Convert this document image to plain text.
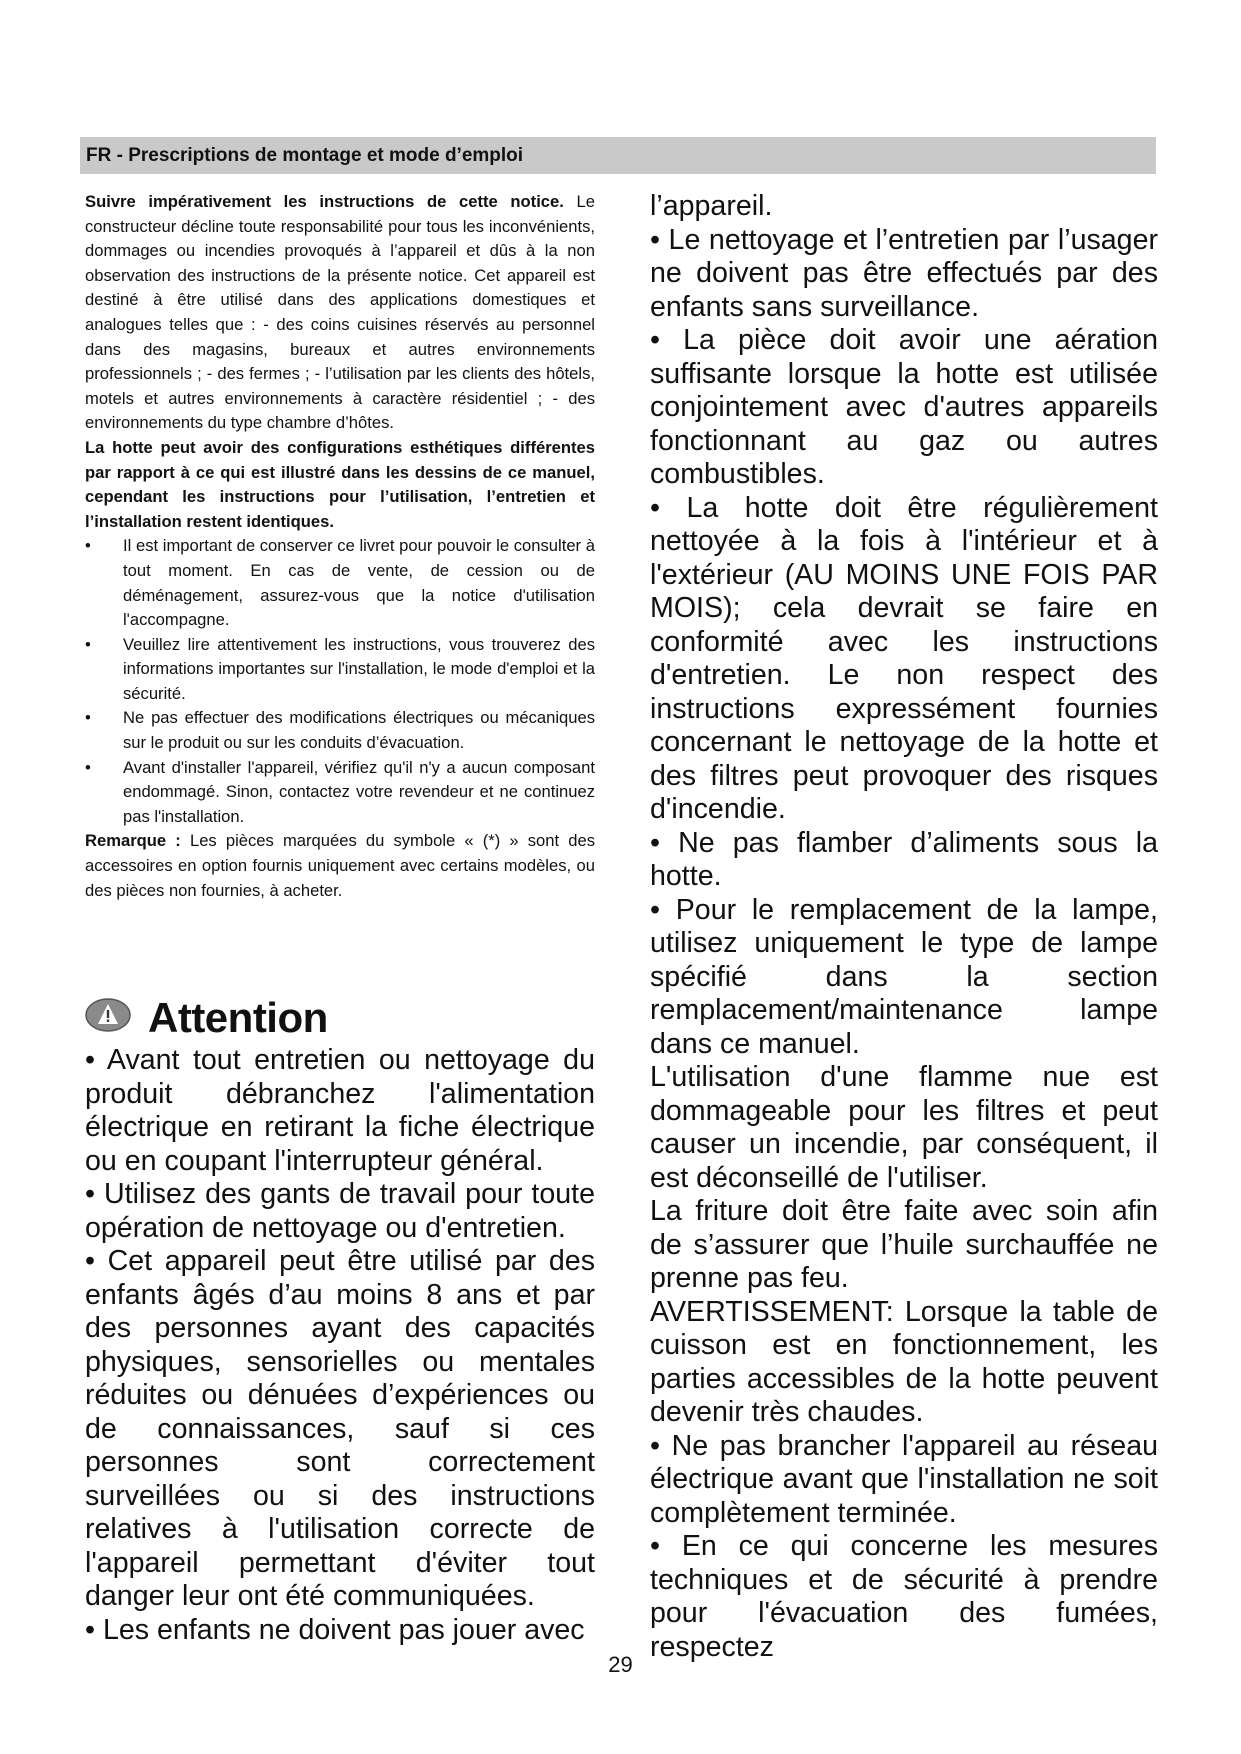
FR - Prescriptions de montage et mode d’emploi

Suivre impérativement les instructions de cette notice. Le constructeur décline toute responsabilité pour tous les inconvénients, dommages ou incendies provoqués à l’appareil et dûs à la non observation des instructions de la présente notice. Cet appareil est destiné à être utilisé dans des applications domestiques et analogues telles que : - des coins cuisines réservés au personnel dans des magasins, bureaux et autres environnements professionnels ; - des fermes ; - l’utilisation par les clients des hôtels, motels et autres environnements à caractère résidentiel ; - des environnements du type chambre d’hôtes.

La hotte peut avoir des configurations esthétiques différentes par rapport à ce qui est illustré dans les dessins de ce manuel, cependant les instructions pour l’utilisation, l’entretien et l’installation restent identiques.

• Il est important de conserver ce livret pour pouvoir le consulter à tout moment. En cas de vente, de cession ou de déménagement, assurez-vous que la notice d'utilisation l'accompagne.
• Veuillez lire attentivement les instructions, vous trouverez des informations importantes sur l'installation, le mode d'emploi et la sécurité.
• Ne pas effectuer des modifications électriques ou mécaniques sur le produit ou sur les conduits d’évacuation.
• Avant d'installer l'appareil, vérifiez qu'il n'y a aucun composant endommagé. Sinon, contactez votre revendeur et ne continuez pas l'installation.

Remarque : Les pièces marquées du symbole « (*) » sont des accessoires en option fournis uniquement avec certains modèles, ou des pièces non fournies, à acheter.

Attention

• Avant tout entretien ou nettoyage du produit débranchez l'alimentation électrique en retirant la fiche électrique ou en coupant l'interrupteur général.

• Utilisez des gants de travail pour toute opération de nettoyage ou d'entretien.

• Cet appareil peut être utilisé par des enfants âgés d’au moins 8 ans et par des personnes ayant des capacités physiques, sensorielles ou mentales réduites ou dénuées d’expériences ou de connaissances, sauf si ces personnes sont correctement surveillées ou si des instructions relatives à l'utilisation correcte de l'appareil permettant d'éviter tout danger leur ont été communiquées.

• Les enfants ne doivent pas jouer avec

l’appareil.

• Le nettoyage et l’entretien par l’usager ne doivent pas être effectués par des enfants sans surveillance.

• La pièce doit avoir une aération suffisante lorsque la hotte est utilisée conjointement avec d'autres appareils fonctionnant au gaz ou autres combustibles.

• La hotte doit être régulièrement nettoyée à la fois à l'intérieur et à l'extérieur (AU MOINS UNE FOIS PAR MOIS); cela devrait se faire en conformité avec les instructions d'entretien. Le non respect des instructions expressément fournies concernant le nettoyage de la hotte et des filtres peut provoquer des risques d'incendie.

• Ne pas flamber d’aliments sous la hotte.

• Pour le remplacement de la lampe, utilisez uniquement le type de lampe spécifié dans la section remplacement/maintenance lampe dans ce manuel.

L'utilisation d'une flamme nue est dommageable pour les filtres et peut causer un incendie, par conséquent, il est déconseillé de l'utiliser.

La friture doit être faite avec soin afin de s’assurer que l’huile surchauffée ne prenne pas feu.

AVERTISSEMENT: Lorsque la table de cuisson est en fonctionnement, les parties accessibles de la hotte peuvent devenir très chaudes.

• Ne pas brancher l'appareil au réseau électrique avant que l'installation ne soit complètement terminée.

• En ce qui concerne les mesures techniques et de sécurité à prendre pour l'évacuation des fumées, respectez

29
